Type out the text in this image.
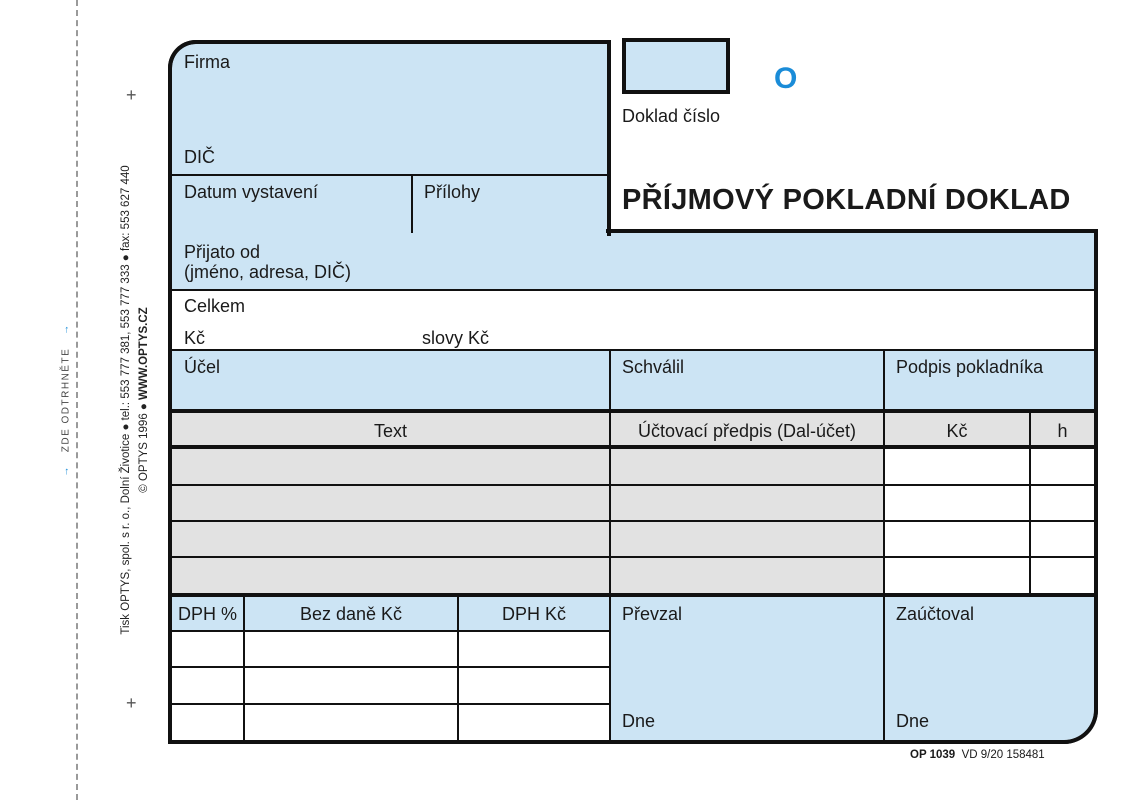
→   ZDE ODTRHNĚTE   →	Tisk OPTYS, spol. s r. o., Dolní Životice ● tel.: 553 777 381, 553 777 333 ● fax: 553 627 440 © OPTYS 1996 ● WWW.OPTYS.CZ
+
+
Firma
DIČ
Datum vystavení	Přílohy
O
Doklad číslo
PŘÍJMOVÝ POKLADNÍ DOKLAD
Přijato od
(jméno, adresa, DIČ)
Celkem
Kč	slovy Kč
Účel	Schválil	Podpis pokladníka
Text	Účtovací předpis (Dal-účet)	Kč	h
DPH %	Bez daně Kč	DPH Kč	Převzal	Zaúčtoval
Dne	Dne
OP 1039 VD 9/20 158481
